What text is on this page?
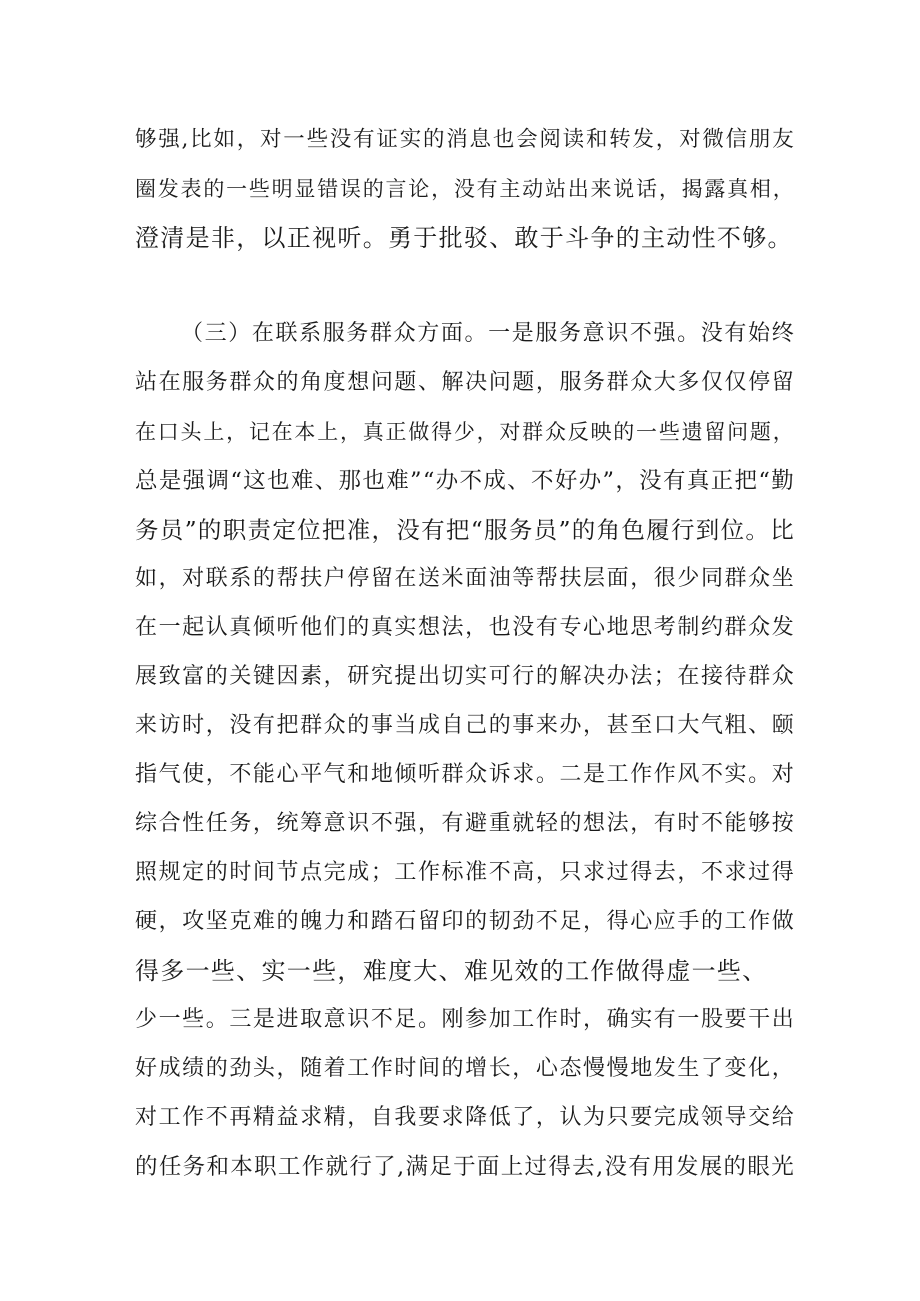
够强,比如，对一些没有证实的消息也会阅读和转发，对微信朋友
圈发表的一些明显错误的言论，没有主动站出来说话，揭露真相，
澄清是非，以正视听。勇于批驳、敢于斗争的主动性不够。
（三）在联系服务群众方面。一是服务意识不强。没有始终
站在服务群众的角度想问题、解决问题，服务群众大多仅仅停留
在口头上，记在本上，真正做得少，对群众反映的一些遗留问题，
总是强调“这也难、那也难”“办不成、不好办”，没有真正把“勤
务员”的职责定位把准，没有把“服务员”的角色履行到位。比
如，对联系的帮扶户停留在送米面油等帮扶层面，很少同群众坐
在一起认真倾听他们的真实想法，也没有专心地思考制约群众发
展致富的关键因素，研究提出切实可行的解决办法；在接待群众
来访时，没有把群众的事当成自己的事来办，甚至口大气粗、颐
指气使，不能心平气和地倾听群众诉求。二是工作作风不实。对
综合性任务，统筹意识不强，有避重就轻的想法，有时不能够按
照规定的时间节点完成；工作标准不高，只求过得去，不求过得
硬，攻坚克难的魄力和踏石留印的韧劲不足，得心应手的工作做
得多一些、实一些，难度大、难见效的工作做得虚一些、
少一些。三是进取意识不足。刚参加工作时，确实有一股要干出
好成绩的劲头，随着工作时间的增长，心态慢慢地发生了变化，
对工作不再精益求精，自我要求降低了，认为只要完成领导交给
的任务和本职工作就行了,满足于面上过得去,没有用发展的眼光
